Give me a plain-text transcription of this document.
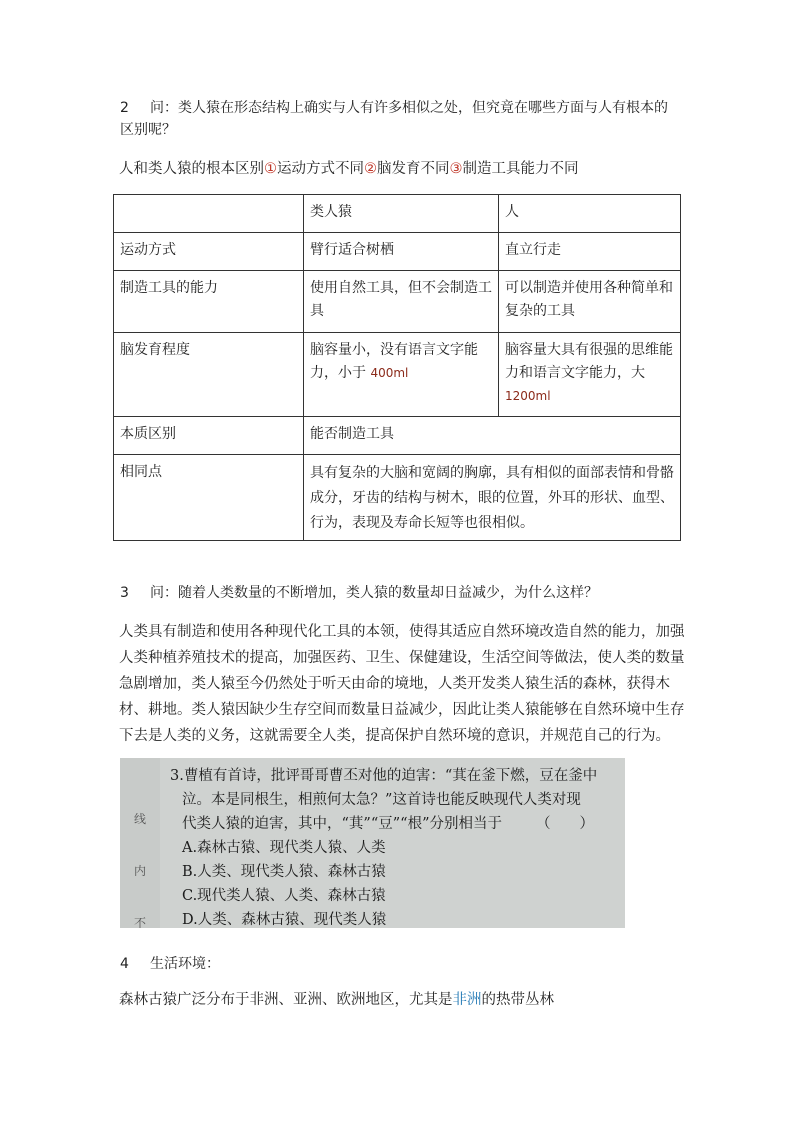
2 问：类人猿在形态结构上确实与人有许多相似之处，但究竟在哪些方面与人有根本的
区别呢？
人和类人猿的根本区别①运动方式不同②脑发育不同③制造工具能力不同
	类人猿	人
运动方式	臂行适合树栖	直立行走
制造工具的能力	使用自然工具，但不会制造工具	可以制造并使用各种简单和复杂的工具
脑发育程度	脑容量小，没有语言文字能力，小于 400ml	脑容量大具有很强的思维能力和语言文字能力，大 1200ml
本质区别	能否制造工具	
相同点	具有复杂的大脑和宽阔的胸廓，具有相似的面部表情和骨骼成分，牙齿的结构与树木，眼的位置，外耳的形状、血型、行为，表现及寿命长短等也很相似。	
3 问：随着人类数量的不断增加，类人猿的数量却日益减少，为什么这样？
人类具有制造和使用各种现代化工具的本领，使得其适应自然环境改造自然的能力，加强人类种植养殖技术的提高，加强医药、卫生、保健建设，生活空间等做法，使人类的数量急剧增加，类人猿至今仍然处于听天由命的境地，人类开发类人猿生活的森林，获得木材、耕地。类人猿因缺少生存空间而数量日益减少，因此让类人猿能够在自然环境中生存下去是人类的义务，这就需要全人类，提高保护自然环境的意识，并规范自己的行为。
线
内
不
3.曹植有首诗，批评哥哥曹丕对他的迫害：“萁在釜下燃，豆在釜中
泣。本是同根生，相煎何太急？”这首诗也能反映现代人类对现
代类人猿的迫害，其中，“萁”“豆”“根”分别相当于 （　　）
A.森林古猿、现代类人猿、人类
B.人类、现代类人猿、森林古猿
C.现代类人猿、人类、森林古猿
D.人类、森林古猿、现代类人猿
4 生活环境：
森林古猿广泛分布于非洲、亚洲、欧洲地区，尤其是非洲的热带丛林
